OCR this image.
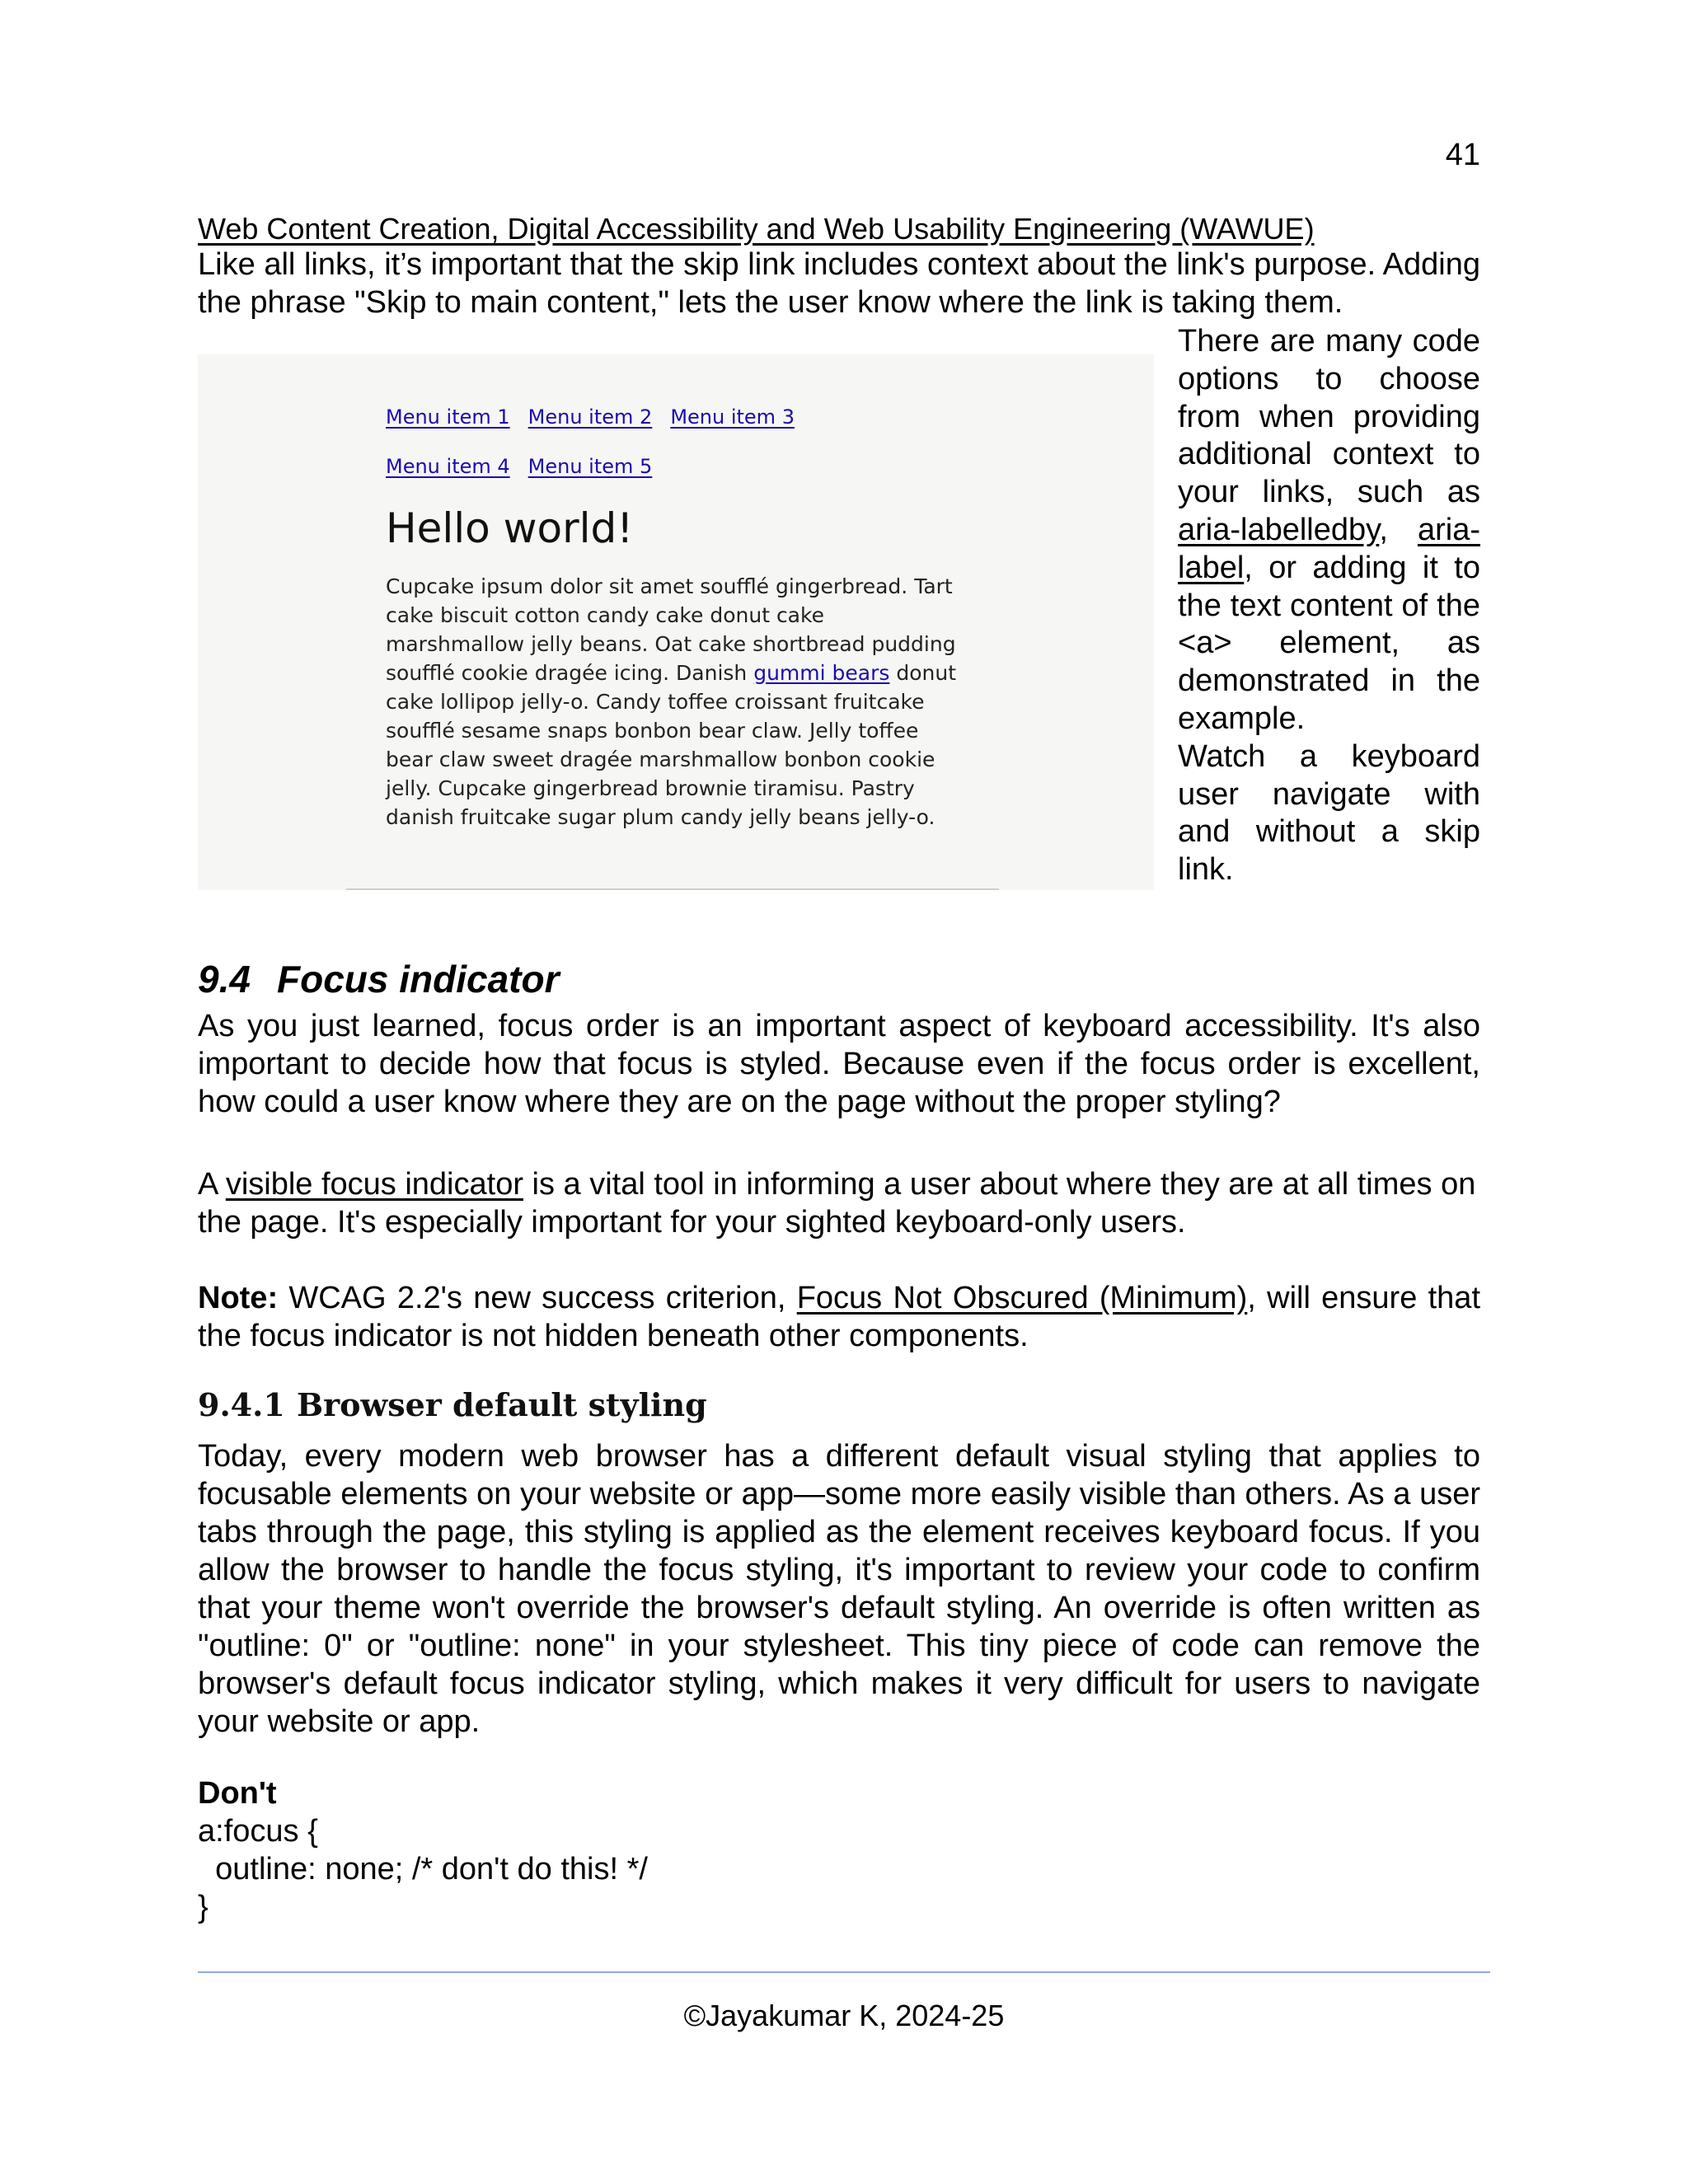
41
Web Content Creation, Digital Accessibility and Web Usability Engineering (WAWUE)
Like all links, it’s important that the skip link includes context about the link's purpose. Adding the phrase "Skip to main content," lets the user know where the link is taking them.
Menu item 1 Menu item 2 Menu item 3
Menu item 4 Menu item 5
Hello world!
Cupcake ipsum dolor sit amet soufflé gingerbread. Tart cake biscuit cotton candy cake donut cake marshmallow jelly beans. Oat cake shortbread pudding soufflé cookie dragée icing. Danish gummi bears donut cake lollipop jelly-o. Candy toffee croissant fruitcake soufflé sesame snaps bonbon bear claw. Jelly toffee bear claw sweet dragée marshmallow bonbon cookie jelly. Cupcake gingerbread brownie tiramisu. Pastry danish fruitcake sugar plum candy jelly beans jelly-o.
There are many code options to choose from when providing additional context to your links, such as aria-labelledby, aria-label, or adding it to the text content of the <a> element, as demonstrated in the example.
Watch a keyboard user navigate with and without a skip link.
9.4 Focus indicator
As you just learned, focus order is an important aspect of keyboard accessibility. It's also important to decide how that focus is styled. Because even if the focus order is excellent, how could a user know where they are on the page without the proper styling?
A visible focus indicator is a vital tool in informing a user about where they are at all times on the page. It's especially important for your sighted keyboard-only users.
Note: WCAG 2.2's new success criterion, Focus Not Obscured (Minimum), will ensure that the focus indicator is not hidden beneath other components.
9.4.1 Browser default styling
Today, every modern web browser has a different default visual styling that applies to focusable elements on your website or app—some more easily visible than others. As a user tabs through the page, this styling is applied as the element receives keyboard focus. If you allow the browser to handle the focus styling, it's important to review your code to confirm that your theme won't override the browser's default styling. An override is often written as "outline: 0" or "outline: none" in your stylesheet. This tiny piece of code can remove the browser's default focus indicator styling, which makes it very difficult for users to navigate your website or app.
Don't
a:focus {
outline: none; /* don't do this! */
}
©Jayakumar K, 2024-25
